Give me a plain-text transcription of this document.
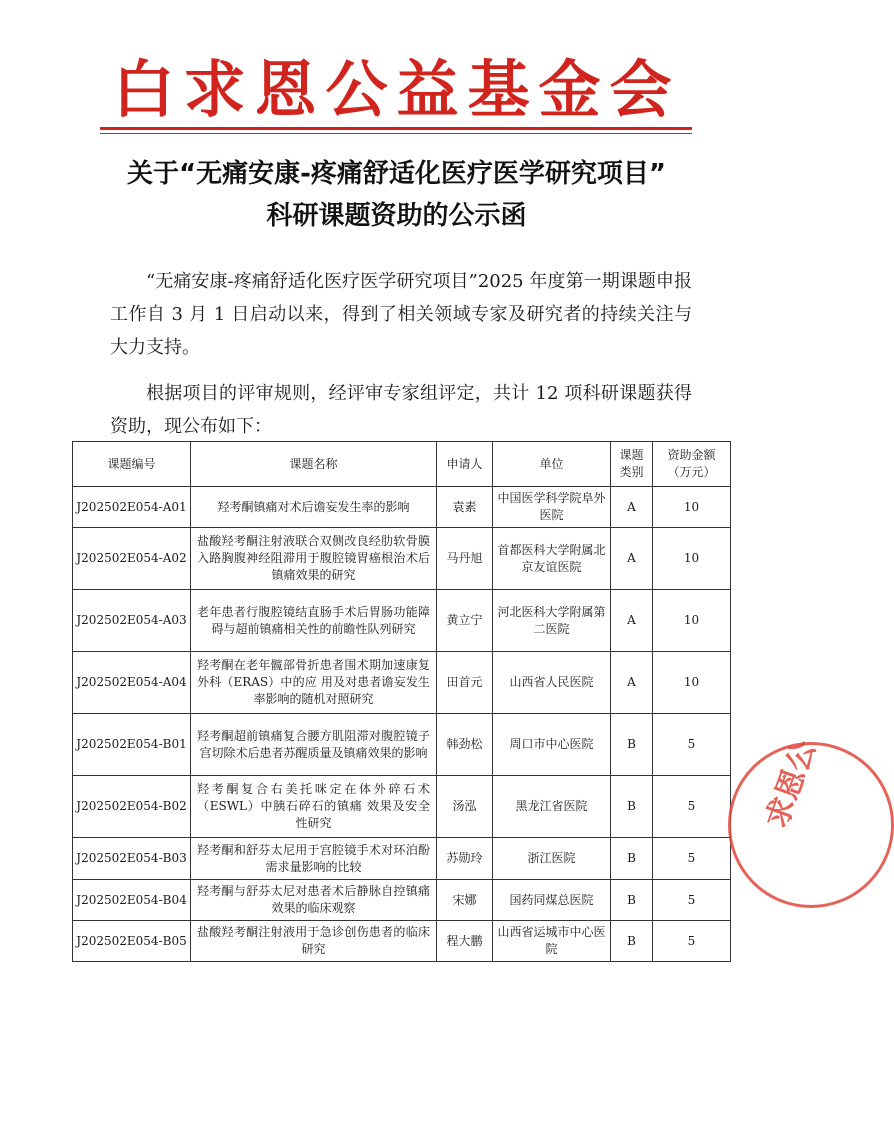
白求恩公益基金会
关于“无痛安康-疼痛舒适化医疗医学研究项目”
科研课题资助的公示函
“无痛安康-疼痛舒适化医疗医学研究项目”2025 年度第一期课题申报工作自 3 月 1 日启动以来，得到了相关领域专家及研究者的持续关注与大力支持。
根据项目的评审规则，经评审专家组评定，共计 12 项科研课题获得资助，现公布如下：
课题编号	课题名称	申请人	单位	课题类别	资助金额（万元）
J202502E054-A01	羟考酮镇痛对术后谵妄发生率的影响	袁素	中国医学科学院阜外医院	A	10
J202502E054-A02	盐酸羟考酮注射液联合双侧改良经肋软骨膜入路胸腹神经阻滞用于腹腔镜胃癌根治术后镇痛效果的研究	马丹旭	首都医科大学附属北京友谊医院	A	10
J202502E054-A03	老年患者行腹腔镜结直肠手术后胃肠功能障碍与超前镇痛相关性的前瞻性队列研究	黄立宁	河北医科大学附属第二医院	A	10
J202502E054-A04	羟考酮在老年髋部骨折患者围术期加速康复外科（ERAS）中的应 用及对患者谵妄发生率影响的随机对照研究	田首元	山西省人民医院	A	10
J202502E054-B01	羟考酮超前镇痛复合腰方肌阻滞对腹腔镜子宫切除术后患者苏醒质量及镇痛效果的影响	韩劲松	周口市中心医院	B	5
J202502E054-B02	羟考酮复合右美托咪定在体外碎石术（ESWL）中胰石碎石的镇痛 效果及安全性研究	汤泓	黑龙江省医院	B	5
J202502E054-B03	羟考酮和舒芬太尼用于宫腔镜手术对环泊酚需求量影响的比较	苏勋玲	浙江医院	B	5
J202502E054-B04	羟考酮与舒芬太尼对患者术后静脉自控镇痛效果的临床观察	宋娜	国药同煤总医院	B	5
J202502E054-B05	盐酸羟考酮注射液用于急诊创伤患者的临床研究	程大鹏	山西省运城市中心医院	B	5
求恩公
